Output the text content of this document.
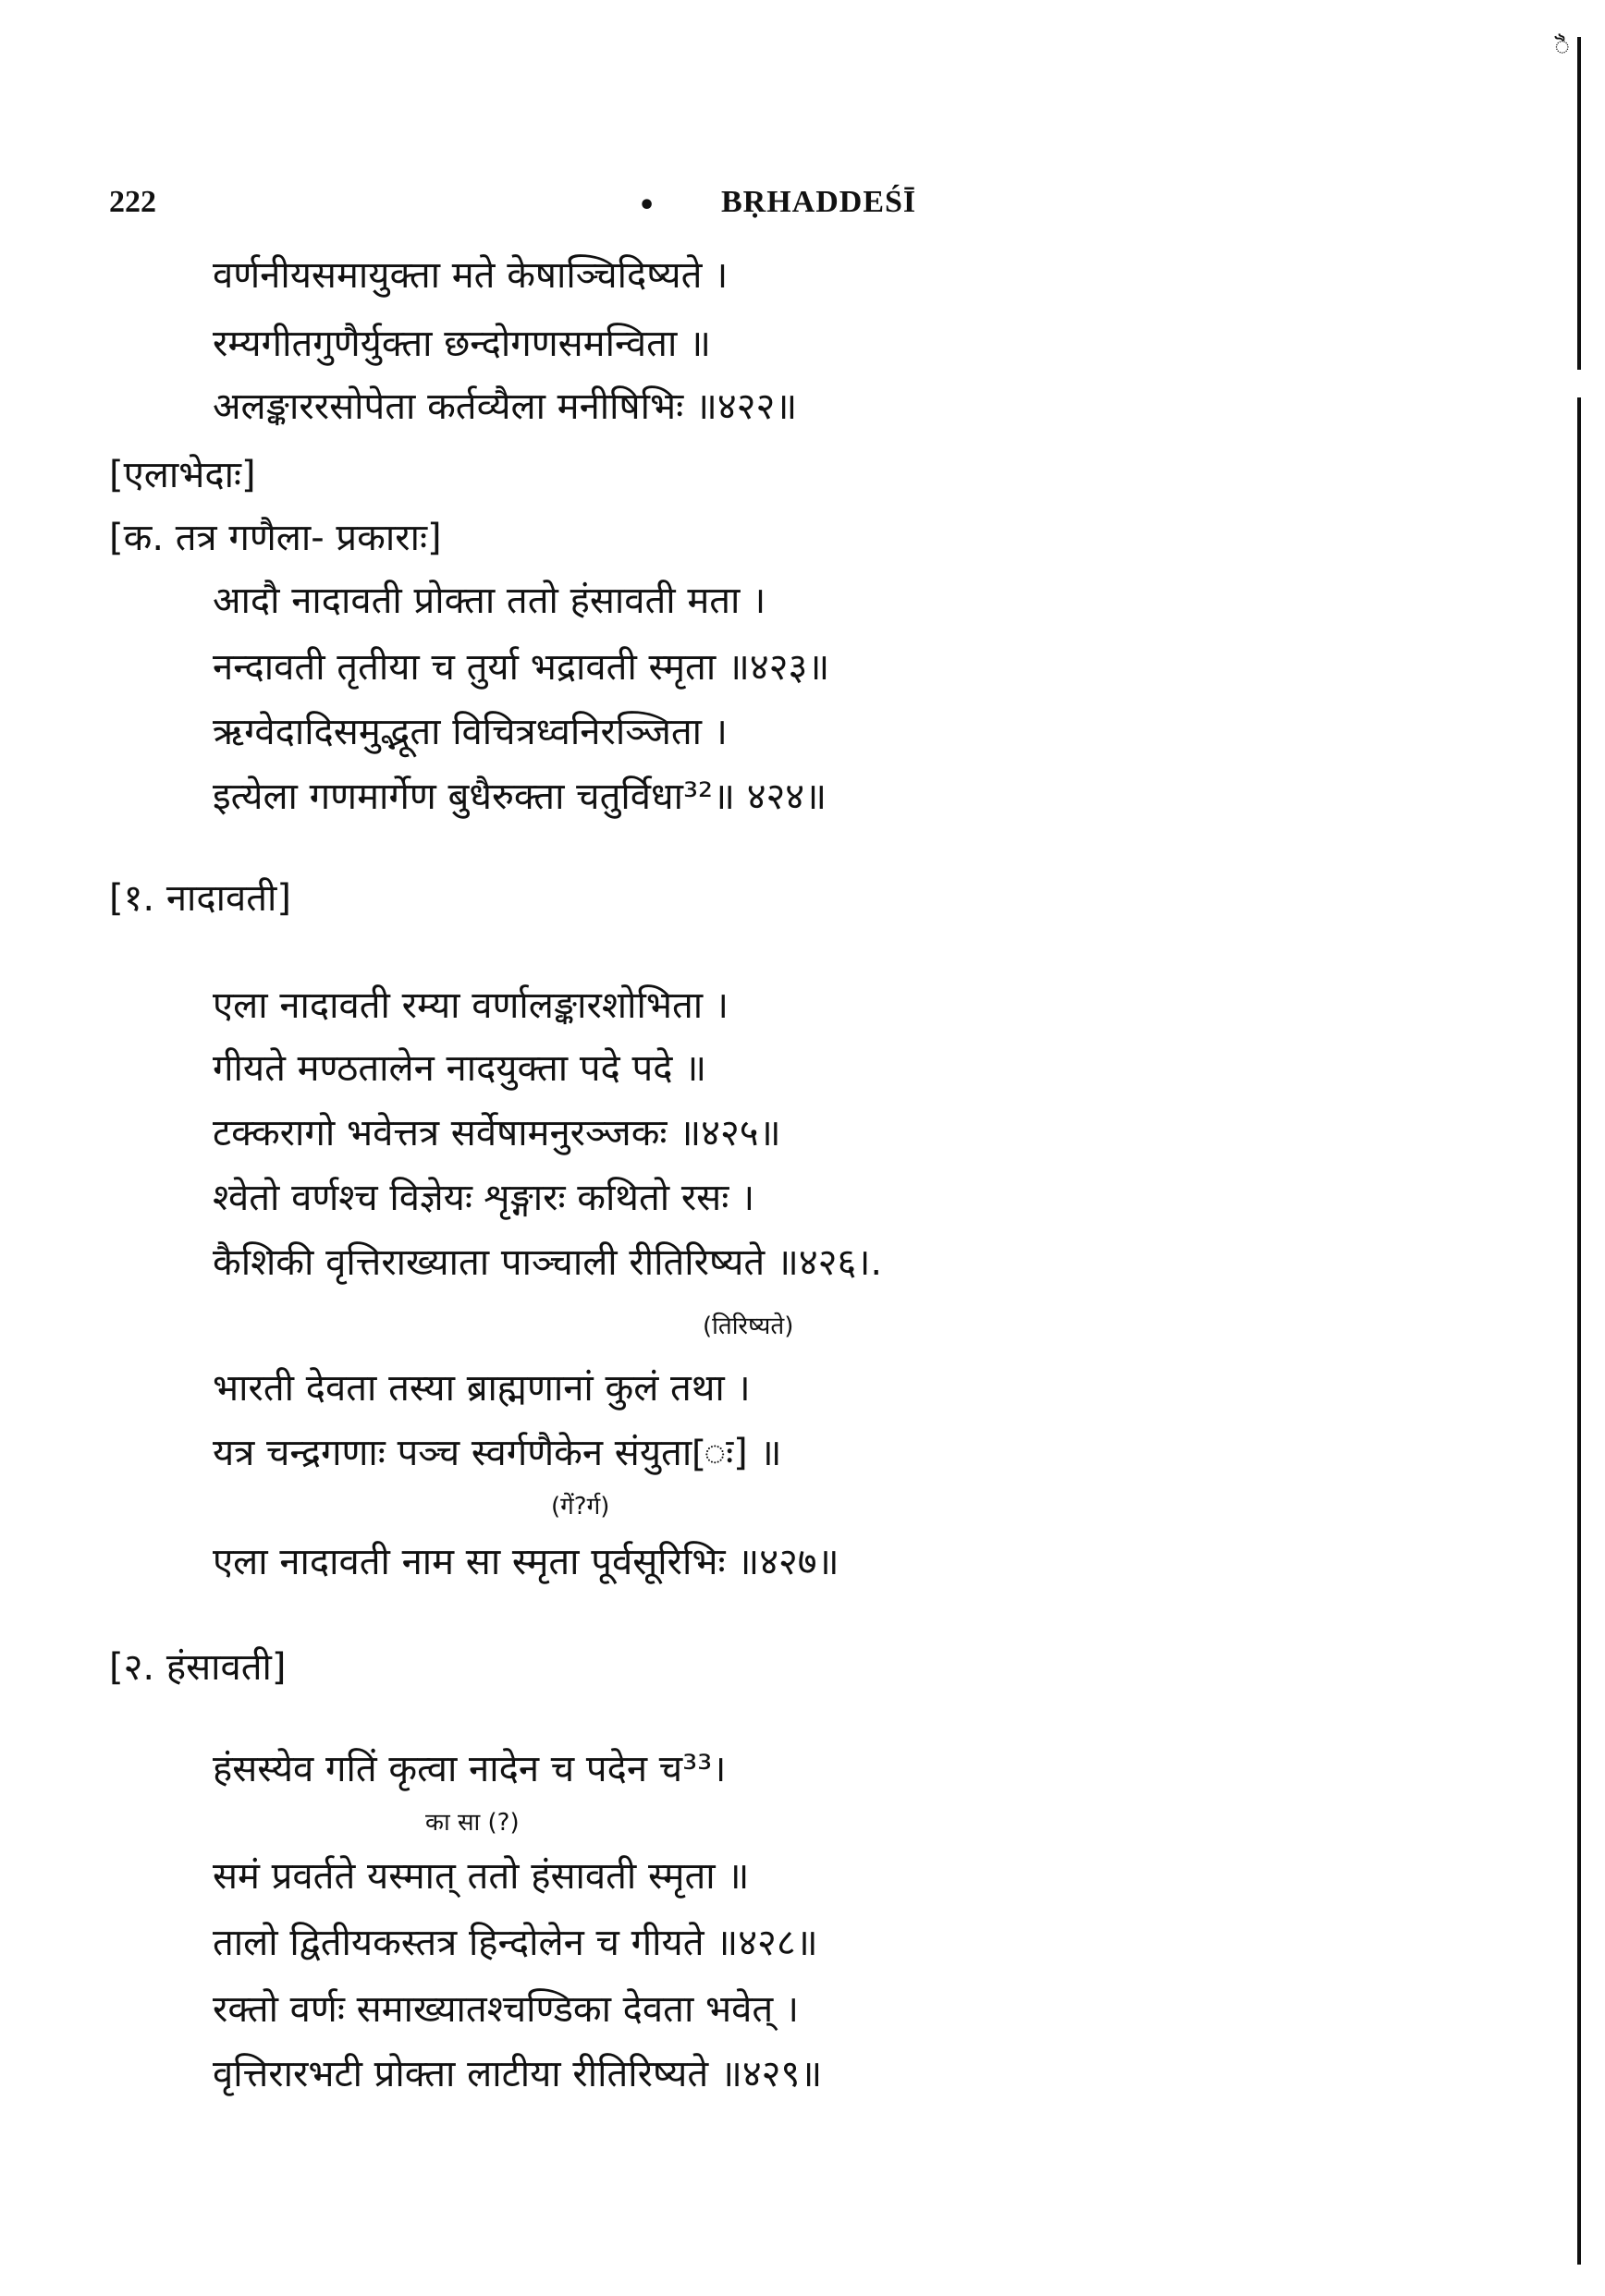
ꣿ
222	• BṚHADDEŚĪ
वर्णनीयसमायुक्ता मते केषाञ्चिदिष्यते ।
रम्यगीतगुणैर्युक्ता छन्दोगणसमन्विता ॥
अलङ्काररसोपेता कर्तव्यैला मनीषिभिः ॥४२२॥
[एलाभेदाः]
[क. तत्र गणैला- प्रकाराः]
आदौ नादावती प्रोक्ता ततो हंसावती मता ।
नन्दावती तृतीया च तुर्या भद्रावती स्मृता ॥४२३॥
ऋग्वेदादिसमुद्भूता विचित्रध्वनिरञ्जिता ।
इत्येला गणमार्गेण बुधैरुक्ता चतुर्विधा³²॥ ४२४॥
[१. नादावती]
एला नादावती रम्या वर्णालङ्कारशोभिता ।
गीयते मण्ठतालेन नादयुक्ता पदे पदे ॥
टक्करागो भवेत्तत्र सर्वेषामनुरञ्जकः ॥४२५॥
श्वेतो वर्णश्च विज्ञेयः शृङ्गारः कथितो रसः ।
कैशिकी वृत्तिराख्याता पाञ्चाली रीतिरिष्यते ॥४२६।.
(तिरिष्यते)
भारती देवता तस्या ब्राह्मणानां कुलं तथा ।
यत्र चन्द्रगणाः पञ्च स्वर्गणैकेन संयुता[ः] ॥
(गें?र्ग)
एला नादावती नाम सा स्मृता पूर्वसूरिभिः ॥४२७॥
[२. हंसावती]
हंसस्येव गतिं कृत्वा नादेन च पदेन च³³।
का सा (?)
समं प्रवर्तते यस्मात् ततो हंसावती स्मृता ॥
तालो द्वितीयकस्तत्र हिन्दोलेन च गीयते ॥४२८॥
रक्तो वर्णः समाख्यातश्चण्डिका देवता भवेत् ।
वृत्तिरारभटी प्रोक्ता लाटीया रीतिरिष्यते ॥४२९॥
